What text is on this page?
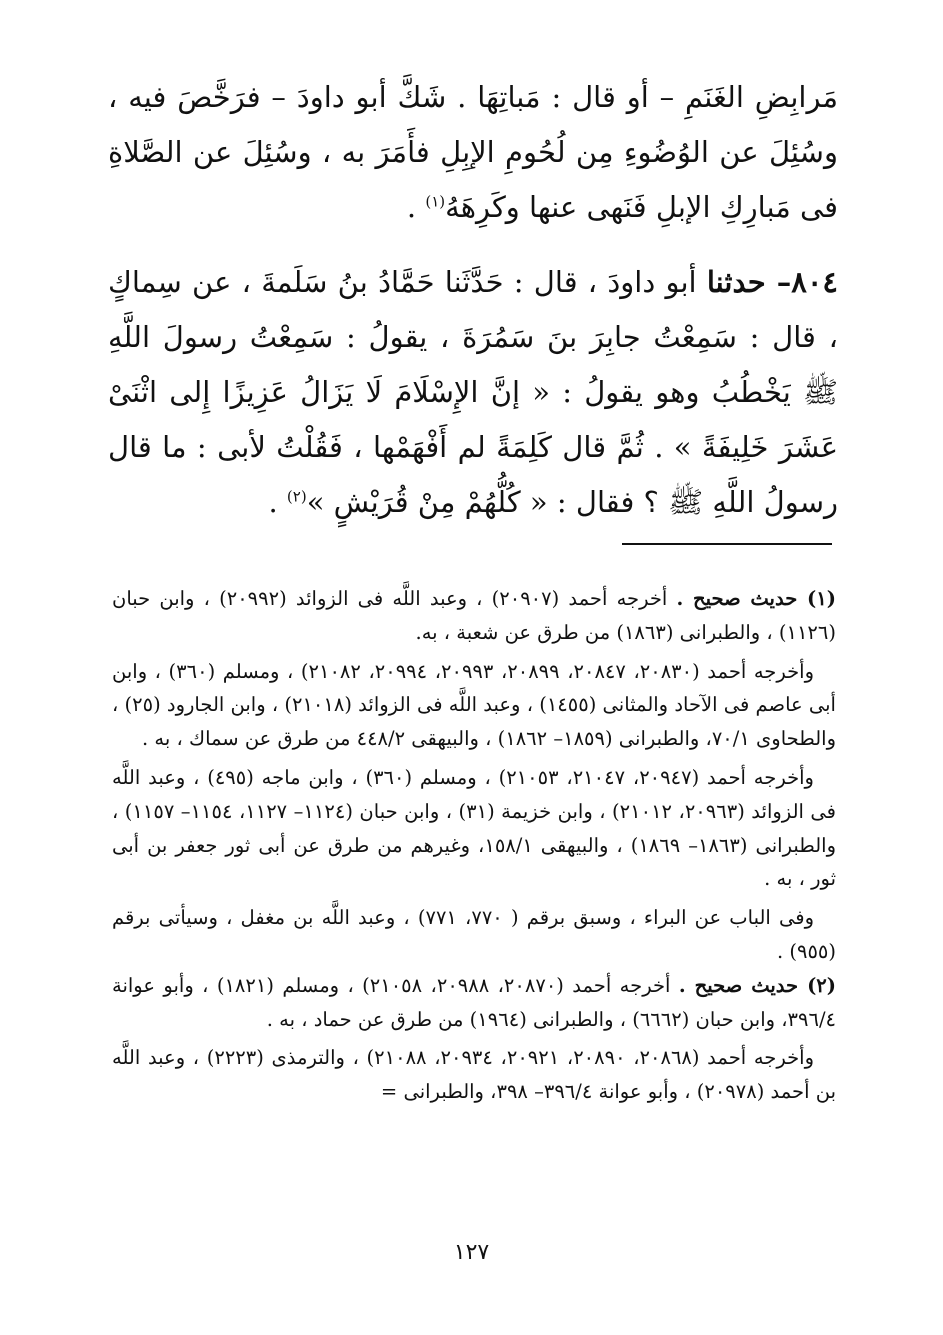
مَرابِضِ الغَنَمِ – أو قال : مَباتِهَا . شَكَّ أبو داودَ – فرَخَّصَ فيه ، وسُئِلَ عن الوُضُوءِ مِن لُحُومِ الإبِلِ فأَمَرَ به ، وسُئِلَ عن الصَّلاةِ فى مَبارِكِ الإبلِ فَنَهى عنها وكَرِهَهُ$^{(١)}$ .

٨٠٤– حدثنا أبو داودَ ، قال : حَدَّثَنا حَمَّادُ بنُ سَلَمةَ ، عن سِماكٍ ، قال : سَمِعْتُ جابِرَ بنَ سَمُرَةَ ، يقولُ : سَمِعْتُ رسولَ اللَّهِ ﷺ يَخْطُبُ وهو يقولُ : « إنَّ الإِسْلَامَ لَا يَزَالُ عَزِيزًا إِلى اثْنَىْ عَشَرَ خَلِيفَةً » . ثُمَّ قال كَلِمَةً لم أَفْهَمْها ، فَقُلْتُ لأبى : ما قال رسولُ اللَّهِ ﷺ ؟ فقال : « كُلُّهُمْ مِنْ قُرَيْشٍ »$^{(٢)}$ .

(١) حديث صحيح . أخرجه أحمد (٢٠٩٠٧) ، وعبد اللَّه فى الزوائد (٢٠٩٩٢) ، وابن حبان (١١٢٦) ، والطبرانى (١٨٦٣) من طرق عن شعبة ، به.

وأخرجه أحمد (٢٠٨٣٠، ٢٠٨٤٧، ٢٠٨٩٩، ٢٠٩٩٣، ٢٠٩٩٤، ٢١٠٨٢) ، ومسلم (٣٦٠) ، وابن أبى عاصم فى الآحاد والمثانى (١٤٥٥) ، وعبد اللَّه فى الزوائد (٢١٠١٨) ، وابن الجارود (٢٥) ، والطحاوى ٧٠/١، والطبرانى (١٨٥٩– ١٨٦٢) ، والبيهقى ٤٤٨/٢ من طرق عن سماك ، به .

وأخرجه أحمد (٢٠٩٤٧، ٢١٠٤٧، ٢١٠٥٣) ، ومسلم (٣٦٠) ، وابن ماجه (٤٩٥) ، وعبد اللَّه فى الزوائد (٢٠٩٦٣، ٢١٠١٢) ، وابن خزيمة (٣١) ، وابن حبان (١١٢٤– ١١٢٧، ١١٥٤– ١١٥٧) ، والطبرانى (١٨٦٣– ١٨٦٩) ، والبيهقى ١٥٨/١، وغيرهم من طرق عن أبى ثور جعفر بن أبى ثور ، به .

وفى الباب عن البراء ، وسبق برقم ( ٧٧٠، ٧٧١) ، وعبد اللَّه بن مغفل ، وسيأتى برقم (٩٥٥) .

(٢) حديث صحيح . أخرجه أحمد (٢٠٨٧٠، ٢٠٩٨٨، ٢١٠٥٨) ، ومسلم (١٨٢١) ، وأبو عوانة ٣٩٦/٤، وابن حبان (٦٦٦٢) ، والطبرانى (١٩٦٤) من طرق عن حماد ، به .

وأخرجه أحمد (٢٠٨٦٨، ٢٠٨٩٠، ٢٠٩٢١، ٢٠٩٣٤، ٢١٠٨٨) ، والترمذى (٢٢٢٣) ، وعبد اللَّه بن أحمد (٢٠٩٧٨) ، وأبو عوانة ٣٩٦/٤– ٣٩٨، والطبرانى =

١٢٧
